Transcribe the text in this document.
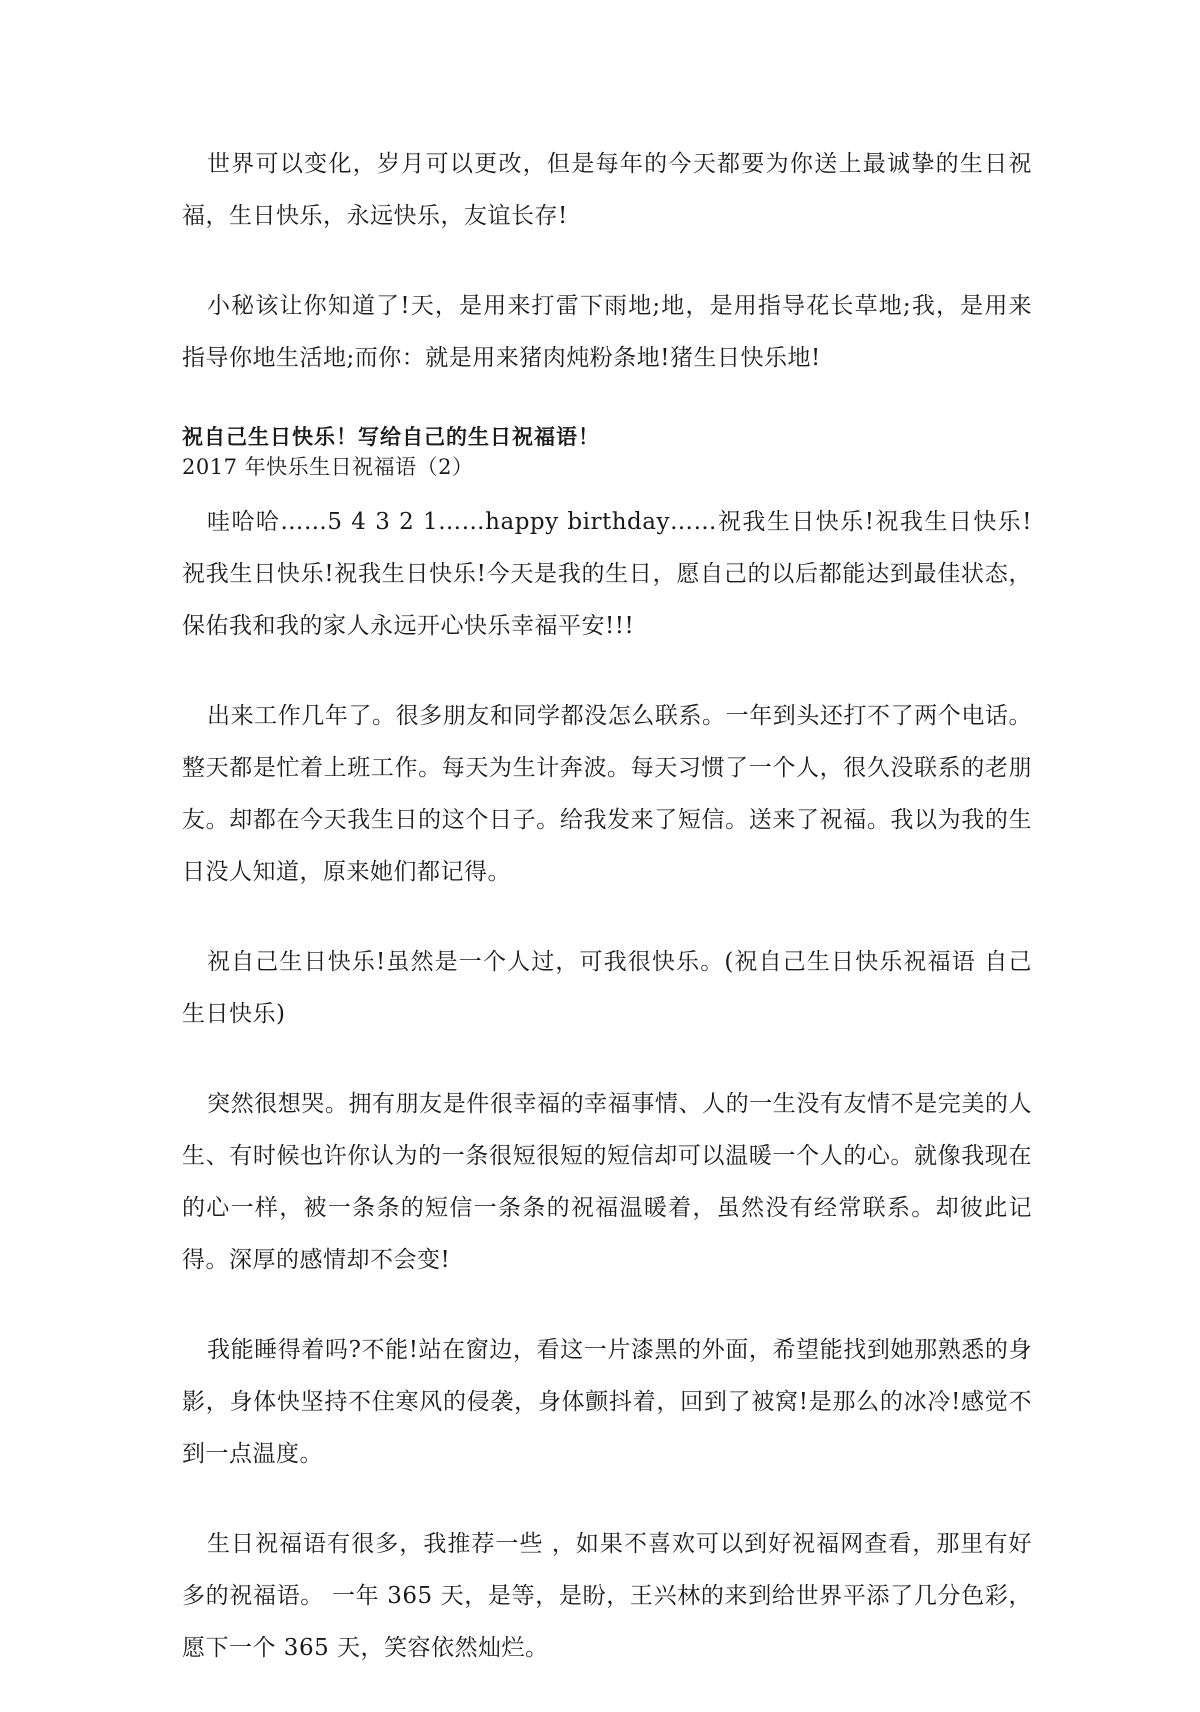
世界可以变化，岁月可以更改，但是每年的今天都要为你送上最诚挚的生日祝福，生日快乐，永远快乐，友谊长存!

小秘该让你知道了!天，是用来打雷下雨地;地，是用指导花长草地;我，是用来指导你地生活地;而你：就是用来猪肉炖粉条地!猪生日快乐地!

祝自己生日快乐！写给自己的生日祝福语！

2017 年快乐生日祝福语（2）

哇哈哈……5 4 3 2 1……happy birthday……祝我生日快乐!祝我生日快乐!祝我生日快乐!祝我生日快乐!今天是我的生日，愿自己的以后都能达到最佳状态，保佑我和我的家人永远开心快乐幸福平安!!!

出来工作几年了。很多朋友和同学都没怎么联系。一年到头还打不了两个电话。整天都是忙着上班工作。每天为生计奔波。每天习惯了一个人，很久没联系的老朋友。却都在今天我生日的这个日子。给我发来了短信。送来了祝福。我以为我的生日没人知道，原来她们都记得。

祝自己生日快乐!虽然是一个人过，可我很快乐。(祝自己生日快乐祝福语 自己生日快乐)

突然很想哭。拥有朋友是件很幸福的幸福事情、人的一生没有友情不是完美的人生、有时候也许你认为的一条很短很短的短信却可以温暖一个人的心。就像我现在的心一样，被一条条的短信一条条的祝福温暖着，虽然没有经常联系。却彼此记得。深厚的感情却不会变!

我能睡得着吗?不能!站在窗边，看这一片漆黑的外面，希望能找到她那熟悉的身影，身体快坚持不住寒风的侵袭，身体颤抖着，回到了被窝!是那么的冰冷!感觉不到一点温度。

生日祝福语有很多，我推荐一些 ，如果不喜欢可以到好祝福网查看，那里有好多的祝福语。 一年 365 天，是等，是盼，王兴林的来到给世界平添了几分色彩，愿下一个 365 天，笑容依然灿烂。
